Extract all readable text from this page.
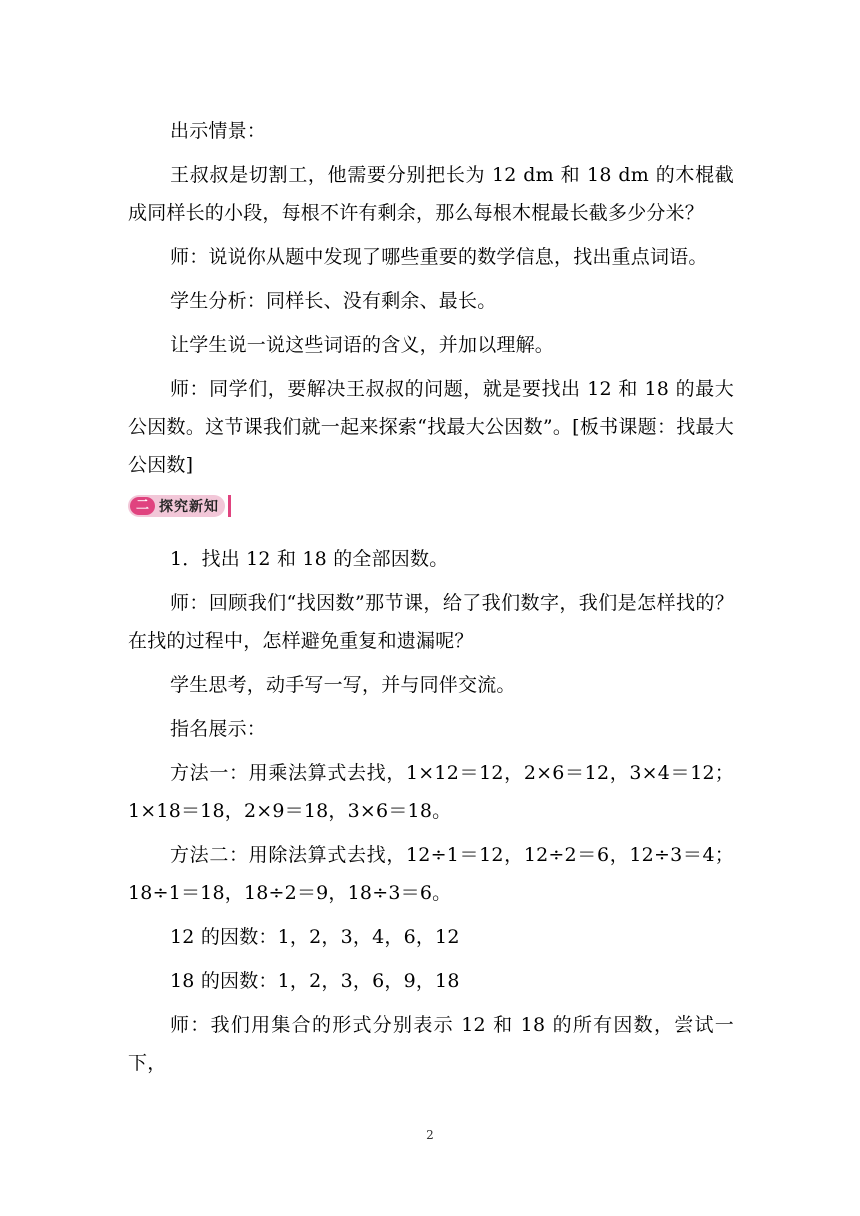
出示情景：

王叔叔是切割工，他需要分别把长为 12 dm 和 18 dm 的木棍截成同样长的小段，每根不许有剩余，那么每根木棍最长截多少分米？

师：说说你从题中发现了哪些重要的数学信息，找出重点词语。

学生分析：同样长、没有剩余、最长。

让学生说一说这些词语的含义，并加以理解。

师：同学们，要解决王叔叔的问题，就是要找出 12 和 18 的最大公因数。这节课我们就一起来探索“找最大公因数”。[板书课题：找最大公因数]

二 探究新知

1．找出 12 和 18 的全部因数。

师：回顾我们“找因数”那节课，给了我们数字，我们是怎样找的？在找的过程中，怎样避免重复和遗漏呢？

学生思考，动手写一写，并与同伴交流。

指名展示：

方法一：用乘法算式去找，1×12＝12，2×6＝12，3×4＝12；1×18＝18，2×9＝18，3×6＝18。

方法二：用除法算式去找，12÷1＝12，12÷2＝6，12÷3＝4；18÷1＝18，18÷2＝9，18÷3＝6。

12 的因数：1，2，3，4，6，12

18 的因数：1，2，3，6，9，18

师：我们用集合的形式分别表示 12 和 18 的所有因数，尝试一下，

2
